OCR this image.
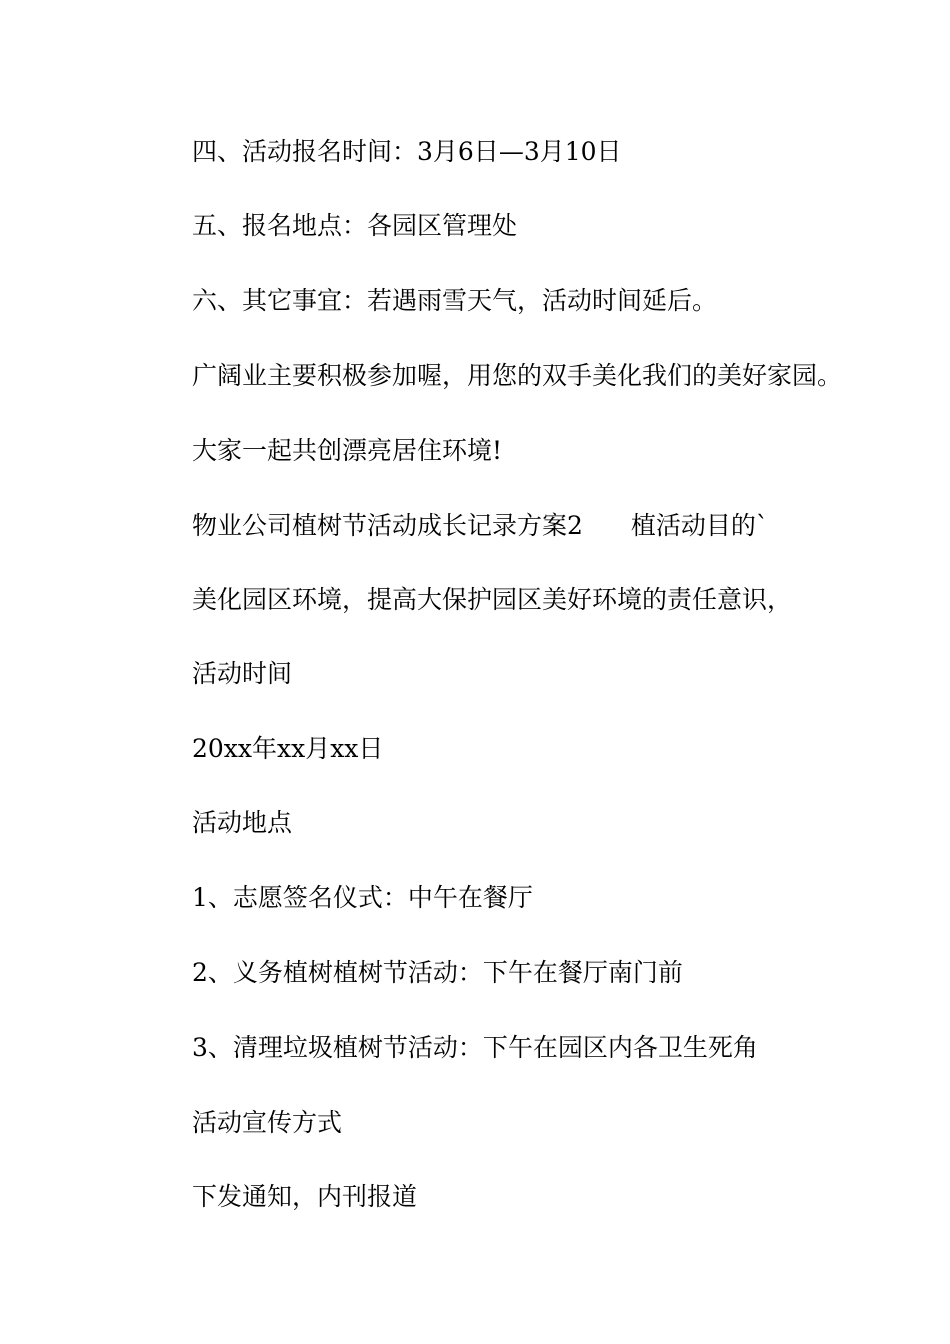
四、活动报名时间：3月6日—3月10日

五、报名地点：各园区管理处

六、其它事宜：若遇雨雪天气，活动时间延后。

广阔业主要积极参加喔，用您的双手美化我们的美好家园。

大家一起共创漂亮居住环境!

物业公司植树节活动成长记录方案2 植活动目的`

美化园区环境，提高大保护园区美好环境的责任意识，

活动时间

20xx年xx月xx日

活动地点

1、志愿签名仪式：中午在餐厅

2、义务植树植树节活动：下午在餐厅南门前

3、清理垃圾植树节活动：下午在园区内各卫生死角

活动宣传方式

下发通知，内刊报道
